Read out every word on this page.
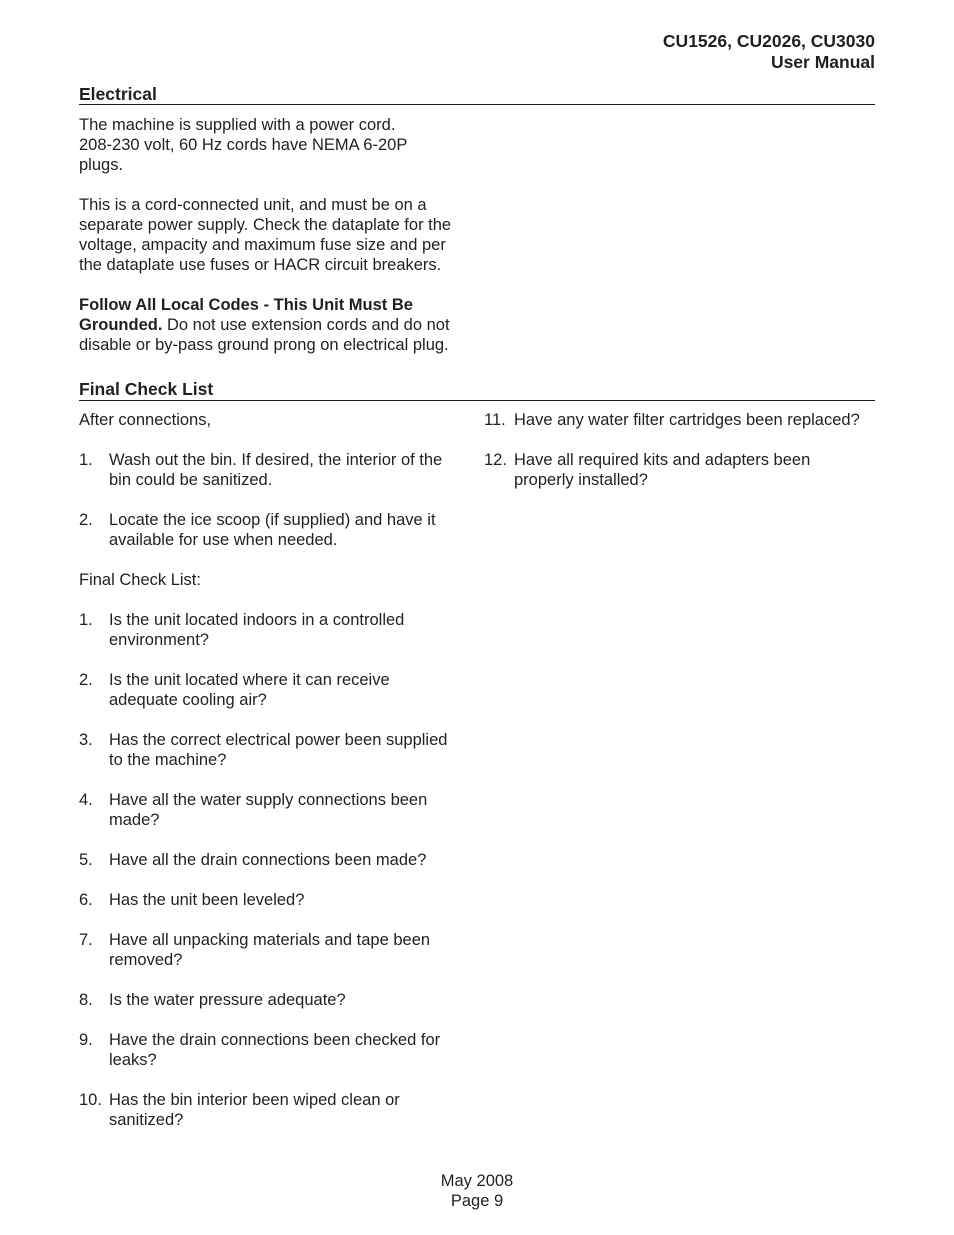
CU1526, CU2026, CU3030
User Manual
Electrical

The machine is supplied with a power cord.

208-230 volt, 60 Hz cords have NEMA 6-20P

plugs.

This is a cord-connected unit, and must be on a

separate power supply. Check the dataplate for the

voltage, ampacity and maximum fuse size and per

the dataplate use fuses or HACR circuit breakers.

Follow All Local Codes - This Unit Must Be

Grounded. Do not use extension cords and do not

disable or by-pass ground prong on electrical plug.

Final Check List
After connections,
1. Wash out the bin. If desired, the interior of the
bin could be sanitized.
2. Locate the ice scoop (if supplied) and have it
available for use when needed.
Final Check List:
1. Is the unit located indoors in a controlled
environment?
2. Is the unit located where it can receive
adequate cooling air?
3. Has the correct electrical power been supplied
to the machine?
4. Have all the water supply connections been
made?
5. Have all the drain connections been made?
6. Has the unit been leveled?
7. Have all unpacking materials and tape been
removed?
8. Is the water pressure adequate?
9. Have the drain connections been checked for
leaks?
10. Has the bin interior been wiped clean or
sanitized?
11. Have any water filter cartridges been replaced?
12. Have all required kits and adapters been
properly installed?
May 2008
Page 9
